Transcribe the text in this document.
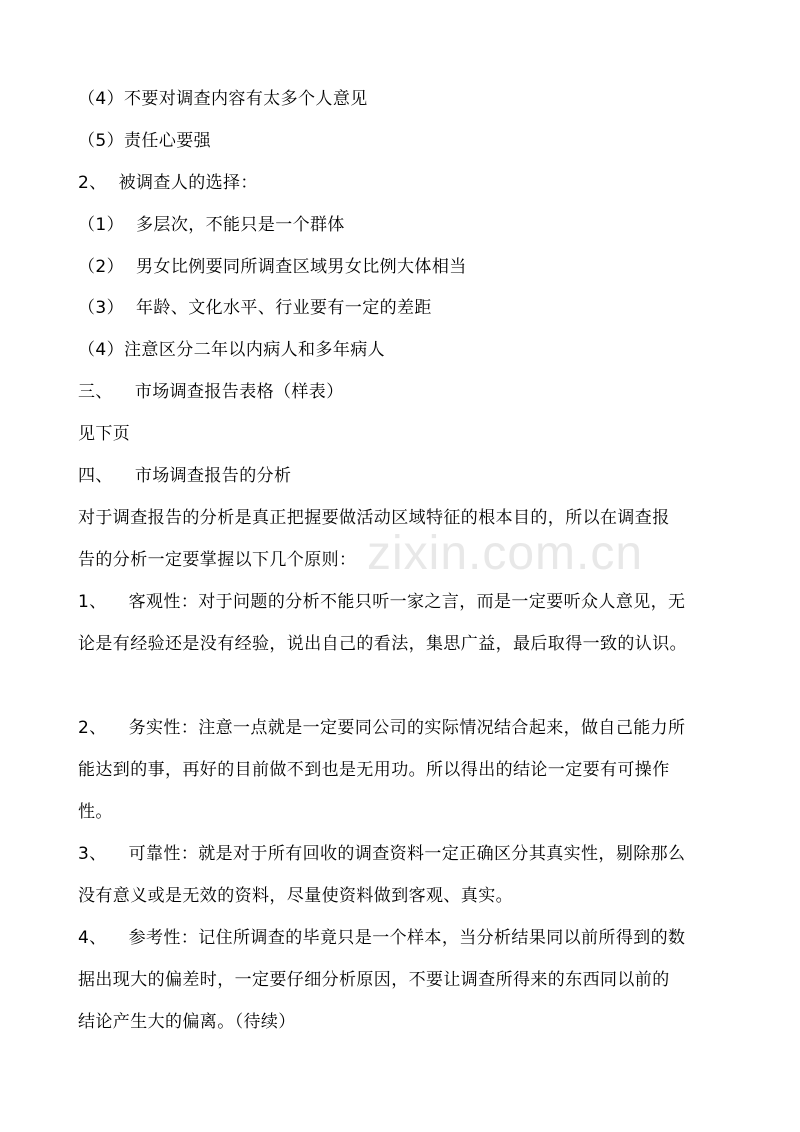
（4）不要对调查内容有太多个人意见
（5）责任心要强
2、 被调查人的选择：
（1） 多层次，不能只是一个群体
（2） 男女比例要同所调查区域男女比例大体相当
（3） 年龄、文化水平、行业要有一定的差距
（4）注意区分二年以内病人和多年病人
三、 市场调查报告表格（样表）
见下页
四、 市场调查报告的分析
对于调查报告的分析是真正把握要做活动区域特征的根本目的，所以在调查报
告的分析一定要掌握以下几个原则：
1、 客观性：对于问题的分析不能只听一家之言，而是一定要听众人意见，无
论是有经验还是没有经验，说出自己的看法，集思广益，最后取得一致的认识。
2、 务实性：注意一点就是一定要同公司的实际情况结合起来，做自己能力所
能达到的事，再好的目前做不到也是无用功。所以得出的结论一定要有可操作
性。
3、 可靠性：就是对于所有回收的调查资料一定正确区分其真实性，剔除那么
没有意义或是无效的资料，尽量使资料做到客观、真实。
4、 参考性：记住所调查的毕竟只是一个样本，当分析结果同以前所得到的数
据出现大的偏差时，一定要仔细分析原因，不要让调查所得来的东西同以前的
结论产生大的偏离。（待续）
zixin.com.cn
